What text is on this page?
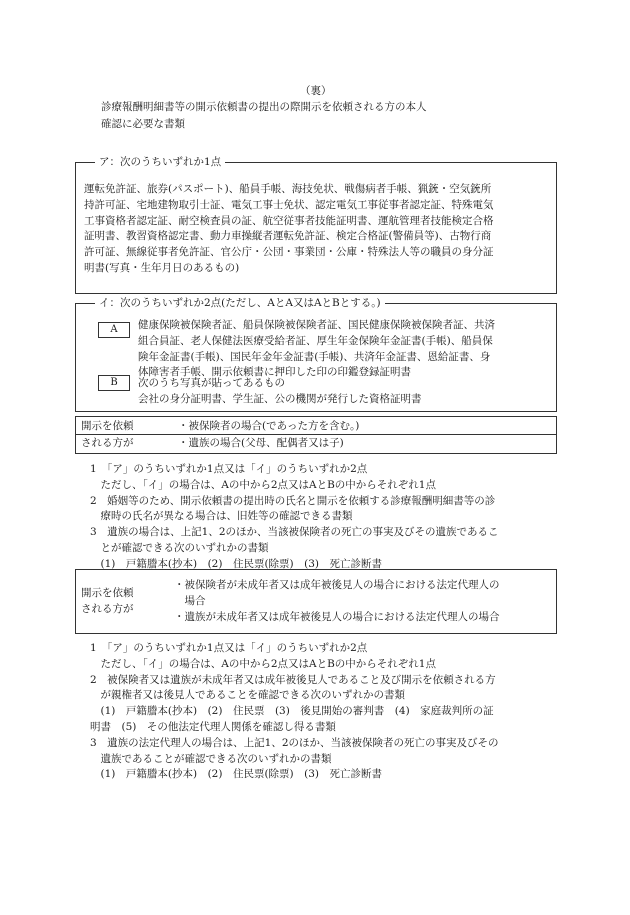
（裏）
診療報酬明細書等の開示依頼書の提出の際開示を依頼される方の本人
確認に必要な書類
ア：次のうちいずれか1点
運転免許証、旅券(パスポート)、船員手帳、海技免状、戦傷病者手帳、猟銃・空気銃所
持許可証、宅地建物取引士証、電気工事士免状、認定電気工事従事者認定証、特殊電気
工事資格者認定証、耐空検査員の証、航空従事者技能証明書、運航管理者技能検定合格
証明書、教習資格認定書、動力車操縦者運転免許証、検定合格証(警備員等)、古物行商
許可証、無線従事者免許証、官公庁・公団・事業団・公庫・特殊法人等の職員の身分証
明書(写真・生年月日のあるもの)
イ：次のうちいずれか2点(ただし、AとA又はAとBとする。)
A	健康保険被保険者証、船員保険被保険者証、国民健康保険被保険者証、共済
組合員証、老人保健法医療受給者証、厚生年金保険年金証書(手帳)、船員保
険年金証書(手帳)、国民年金年金証書(手帳)、共済年金証書、恩給証書、身
体障害者手帳、開示依頼書に押印した印の印鑑登録証明書
B	次のうち写真が貼ってあるもの
会社の身分証明書、学生証、公の機関が発行した資格証明書
開示を依頼
される方が
・被保険者の場合(であった方を含む。)
・遺族の場合(父母、配偶者又は子)
1　「ア」のうちいずれか1点又は「イ」のうちいずれか2点
　ただし、「イ」の場合は、Aの中から2点又はAとBの中からそれぞれ1点
2　婚姻等のため、開示依頼書の提出時の氏名と開示を依頼する診療報酬明細書等の診
　療時の氏名が異なる場合は、旧姓等の確認できる書類
3　遺族の場合は、上記1、2のほか、当該被保険者の死亡の事実及びその遺族であるこ
　とが確認できる次のいずれかの書類
　(1)　戸籍謄本(抄本)　(2)　住民票(除票)　(3)　死亡診断書
開示を依頼
される方が
・被保険者が未成年者又は成年被後見人の場合における法定代理人の
　場合
・遺族が未成年者又は成年被後見人の場合における法定代理人の場合
1　「ア」のうちいずれか1点又は「イ」のうちいずれか2点
　ただし、「イ」の場合は、Aの中から2点又はAとBの中からそれぞれ1点
2　被保険者又は遺族が未成年者又は成年被後見人であること及び開示を依頼される方
　が親権者又は後見人であることを確認できる次のいずれかの書類
　(1)　戸籍謄本(抄本)　(2)　住民票　(3)　後見開始の審判書　(4)　家庭裁判所の証
明書　(5)　その他法定代理人関係を確認し得る書類
3　遺族の法定代理人の場合は、上記1、2のほか、当該被保険者の死亡の事実及びその
　遺族であることが確認できる次のいずれかの書類
　(1)　戸籍謄本(抄本)　(2)　住民票(除票)　(3)　死亡診断書
